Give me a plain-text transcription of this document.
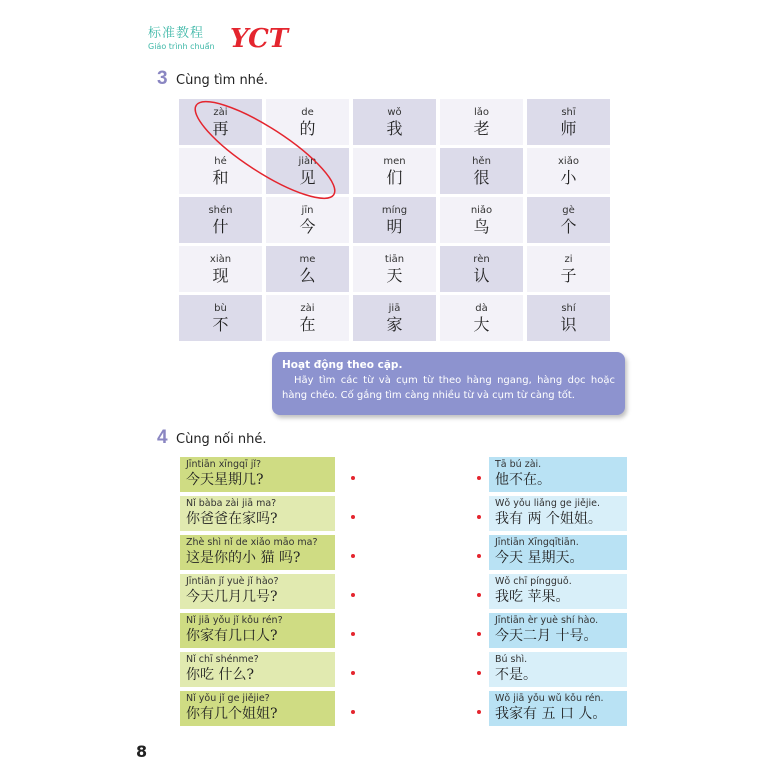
标准教程
Giáo trình chuẩn YCT
3 Cùng tìm nhé.
zài
再
de
的
wǒ
我
lǎo
老
shī
师
hé
和
jiàn
见
men
们
hěn
很
xiǎo
小
shén
什
jīn
今
míng
明
niǎo
鸟
gè
个
xiàn
现
me
么
tiān
天
rèn
认
zi
子
bù
不
zài
在
jiā
家
dà
大
shí
识
Hoạt động theo cặp.

Hãy tìm các từ và cụm từ theo hàng ngang, hàng dọc hoặc hàng chéo. Cố gắng tìm càng nhiều từ và cụm từ càng tốt.

4 Cùng nối nhé.
Jīntiān xīngqī jǐ?
今天星期几?
Nǐ bàba zài jiā ma?
你爸爸在家吗?
Zhè shì nǐ de xiǎo māo ma?
这是你的小 猫 吗?
Jīntiān jǐ yuè jǐ hào?
今天几月几号?
Nǐ jiā yǒu jǐ kǒu rén?
你家有几口人?
Nǐ chī shénme?
你吃 什么?
Nǐ yǒu jǐ ge jiějie?
你有几个姐姐?
Tā bú zài.
他不在。
Wǒ yǒu liǎng ge jiějie.
我有 两 个姐姐。
Jīntiān Xīngqītiān.
今天 星期天。
Wǒ chī píngguǒ.
我吃 苹果。
Jīntiān èr yuè shí hào.
今天二月 十号。
Bú shì.
不是。
Wǒ jiā yǒu wǔ kǒu rén.
我家有 五 口 人。
8
